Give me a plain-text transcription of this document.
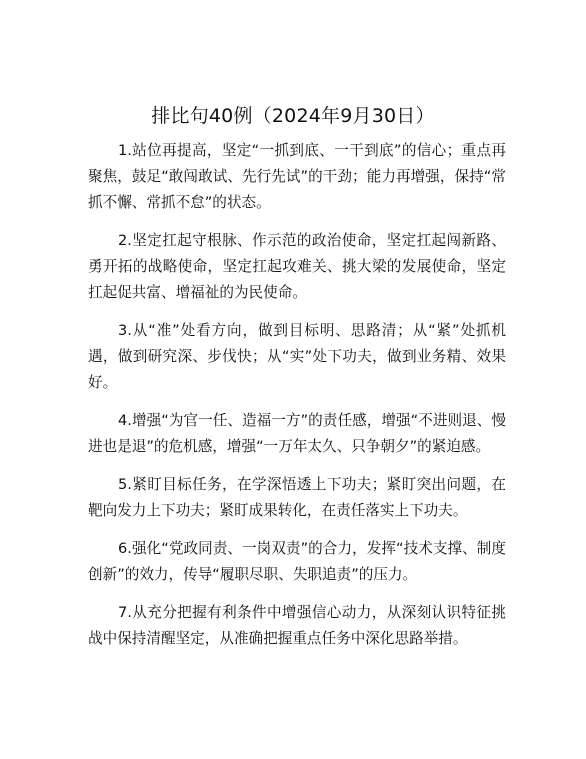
排比句40例（2024年9月30日）

1.站位再提高，坚定“一抓到底、一干到底”的信心；重点再聚焦，鼓足“敢闯敢试、先行先试”的干劲；能力再增强，保持“常抓不懈、常抓不怠”的状态。

2.坚定扛起守根脉、作示范的政治使命，坚定扛起闯新路、勇开拓的战略使命，坚定扛起攻难关、挑大梁的发展使命，坚定扛起促共富、增福祉的为民使命。

3.从“准”处看方向，做到目标明、思路清；从“紧”处抓机遇，做到研究深、步伐快；从“实”处下功夫，做到业务精、效果好。

4.增强“为官一任、造福一方”的责任感，增强“不进则退、慢进也是退”的危机感，增强“一万年太久、只争朝夕”的紧迫感。

5.紧盯目标任务，在学深悟透上下功夫；紧盯突出问题，在靶向发力上下功夫；紧盯成果转化，在责任落实上下功夫。

6.强化“党政同责、一岗双责”的合力，发挥“技术支撑、制度创新”的效力，传导“履职尽职、失职追责”的压力。

7.从充分把握有利条件中增强信心动力，从深刻认识特征挑战中保持清醒坚定，从准确把握重点任务中深化思路举措。
